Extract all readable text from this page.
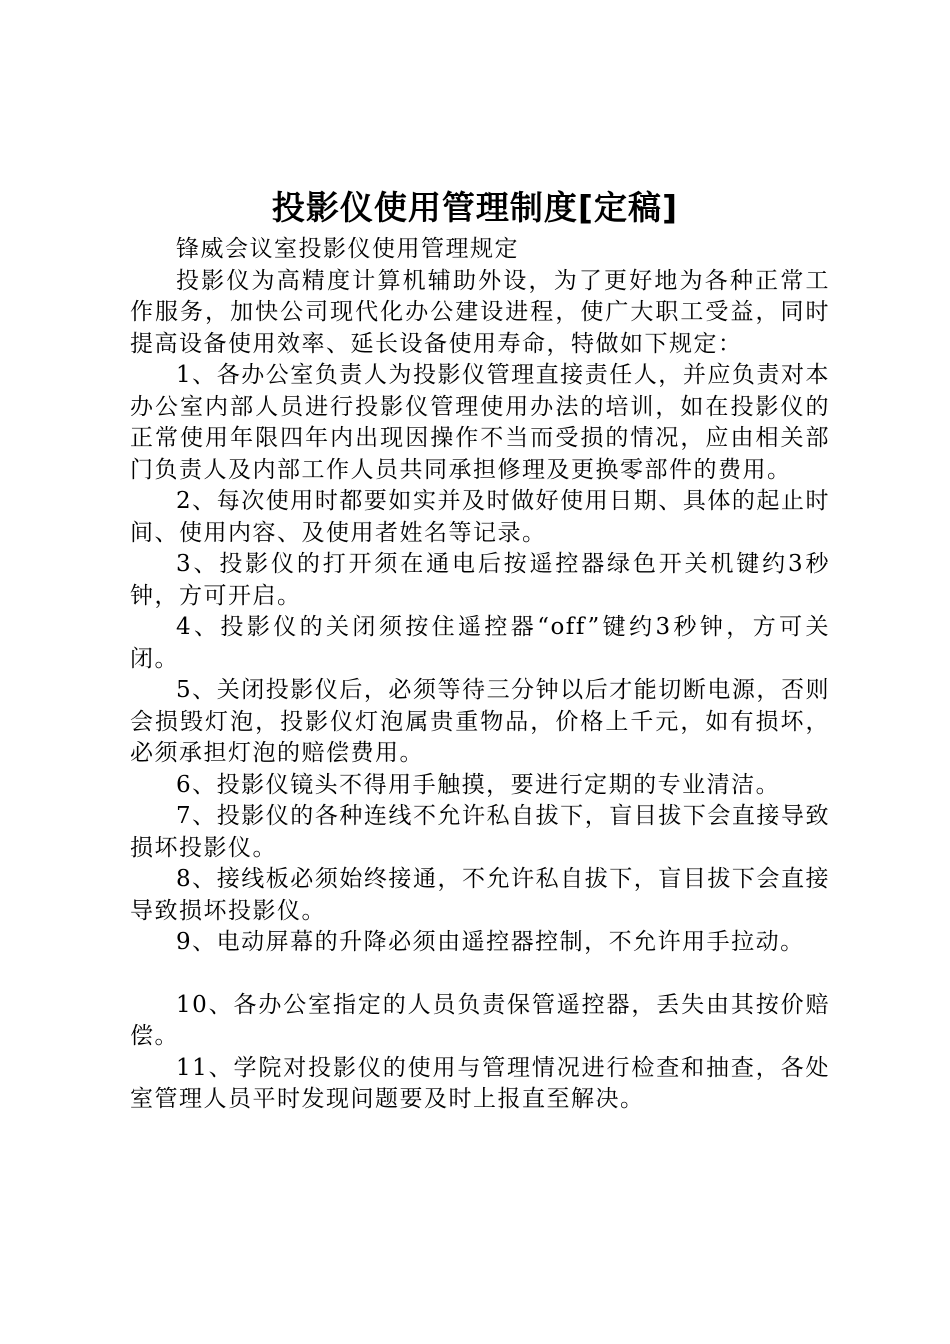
投影仪使用管理制度[定稿]

锋威会议室投影仪使用管理规定

投影仪为高精度计算机辅助外设，为了更好地为各种正常工作服务，加快公司现代化办公建设进程，使广大职工受益，同时提高设备使用效率、延长设备使用寿命，特做如下规定：

1、各办公室负责人为投影仪管理直接责任人，并应负责对本办公室内部人员进行投影仪管理使用办法的培训，如在投影仪的正常使用年限四年内出现因操作不当而受损的情况，应由相关部门负责人及内部工作人员共同承担修理及更换零部件的费用。

2、每次使用时都要如实并及时做好使用日期、具体的起止时间、使用内容、及使用者姓名等记录。

3、投影仪的打开须在通电后按遥控器绿色开关机键约3秒钟，方可开启。

4、投影仪的关闭须按住遥控器“off”键约3秒钟，方可关闭。

5、关闭投影仪后，必须等待三分钟以后才能切断电源，否则会损毁灯泡，投影仪灯泡属贵重物品，价格上千元，如有损坏，必须承担灯泡的赔偿费用。

6、投影仪镜头不得用手触摸，要进行定期的专业清洁。

7、投影仪的各种连线不允许私自拔下，盲目拔下会直接导致损坏投影仪。

8、接线板必须始终接通，不允许私自拔下，盲目拔下会直接导致损坏投影仪。

9、电动屏幕的升降必须由遥控器控制，不允许用手拉动。

10、各办公室指定的人员负责保管遥控器，丢失由其按价赔偿。

11、学院对投影仪的使用与管理情况进行检查和抽查，各处室管理人员平时发现问题要及时上报直至解决。
